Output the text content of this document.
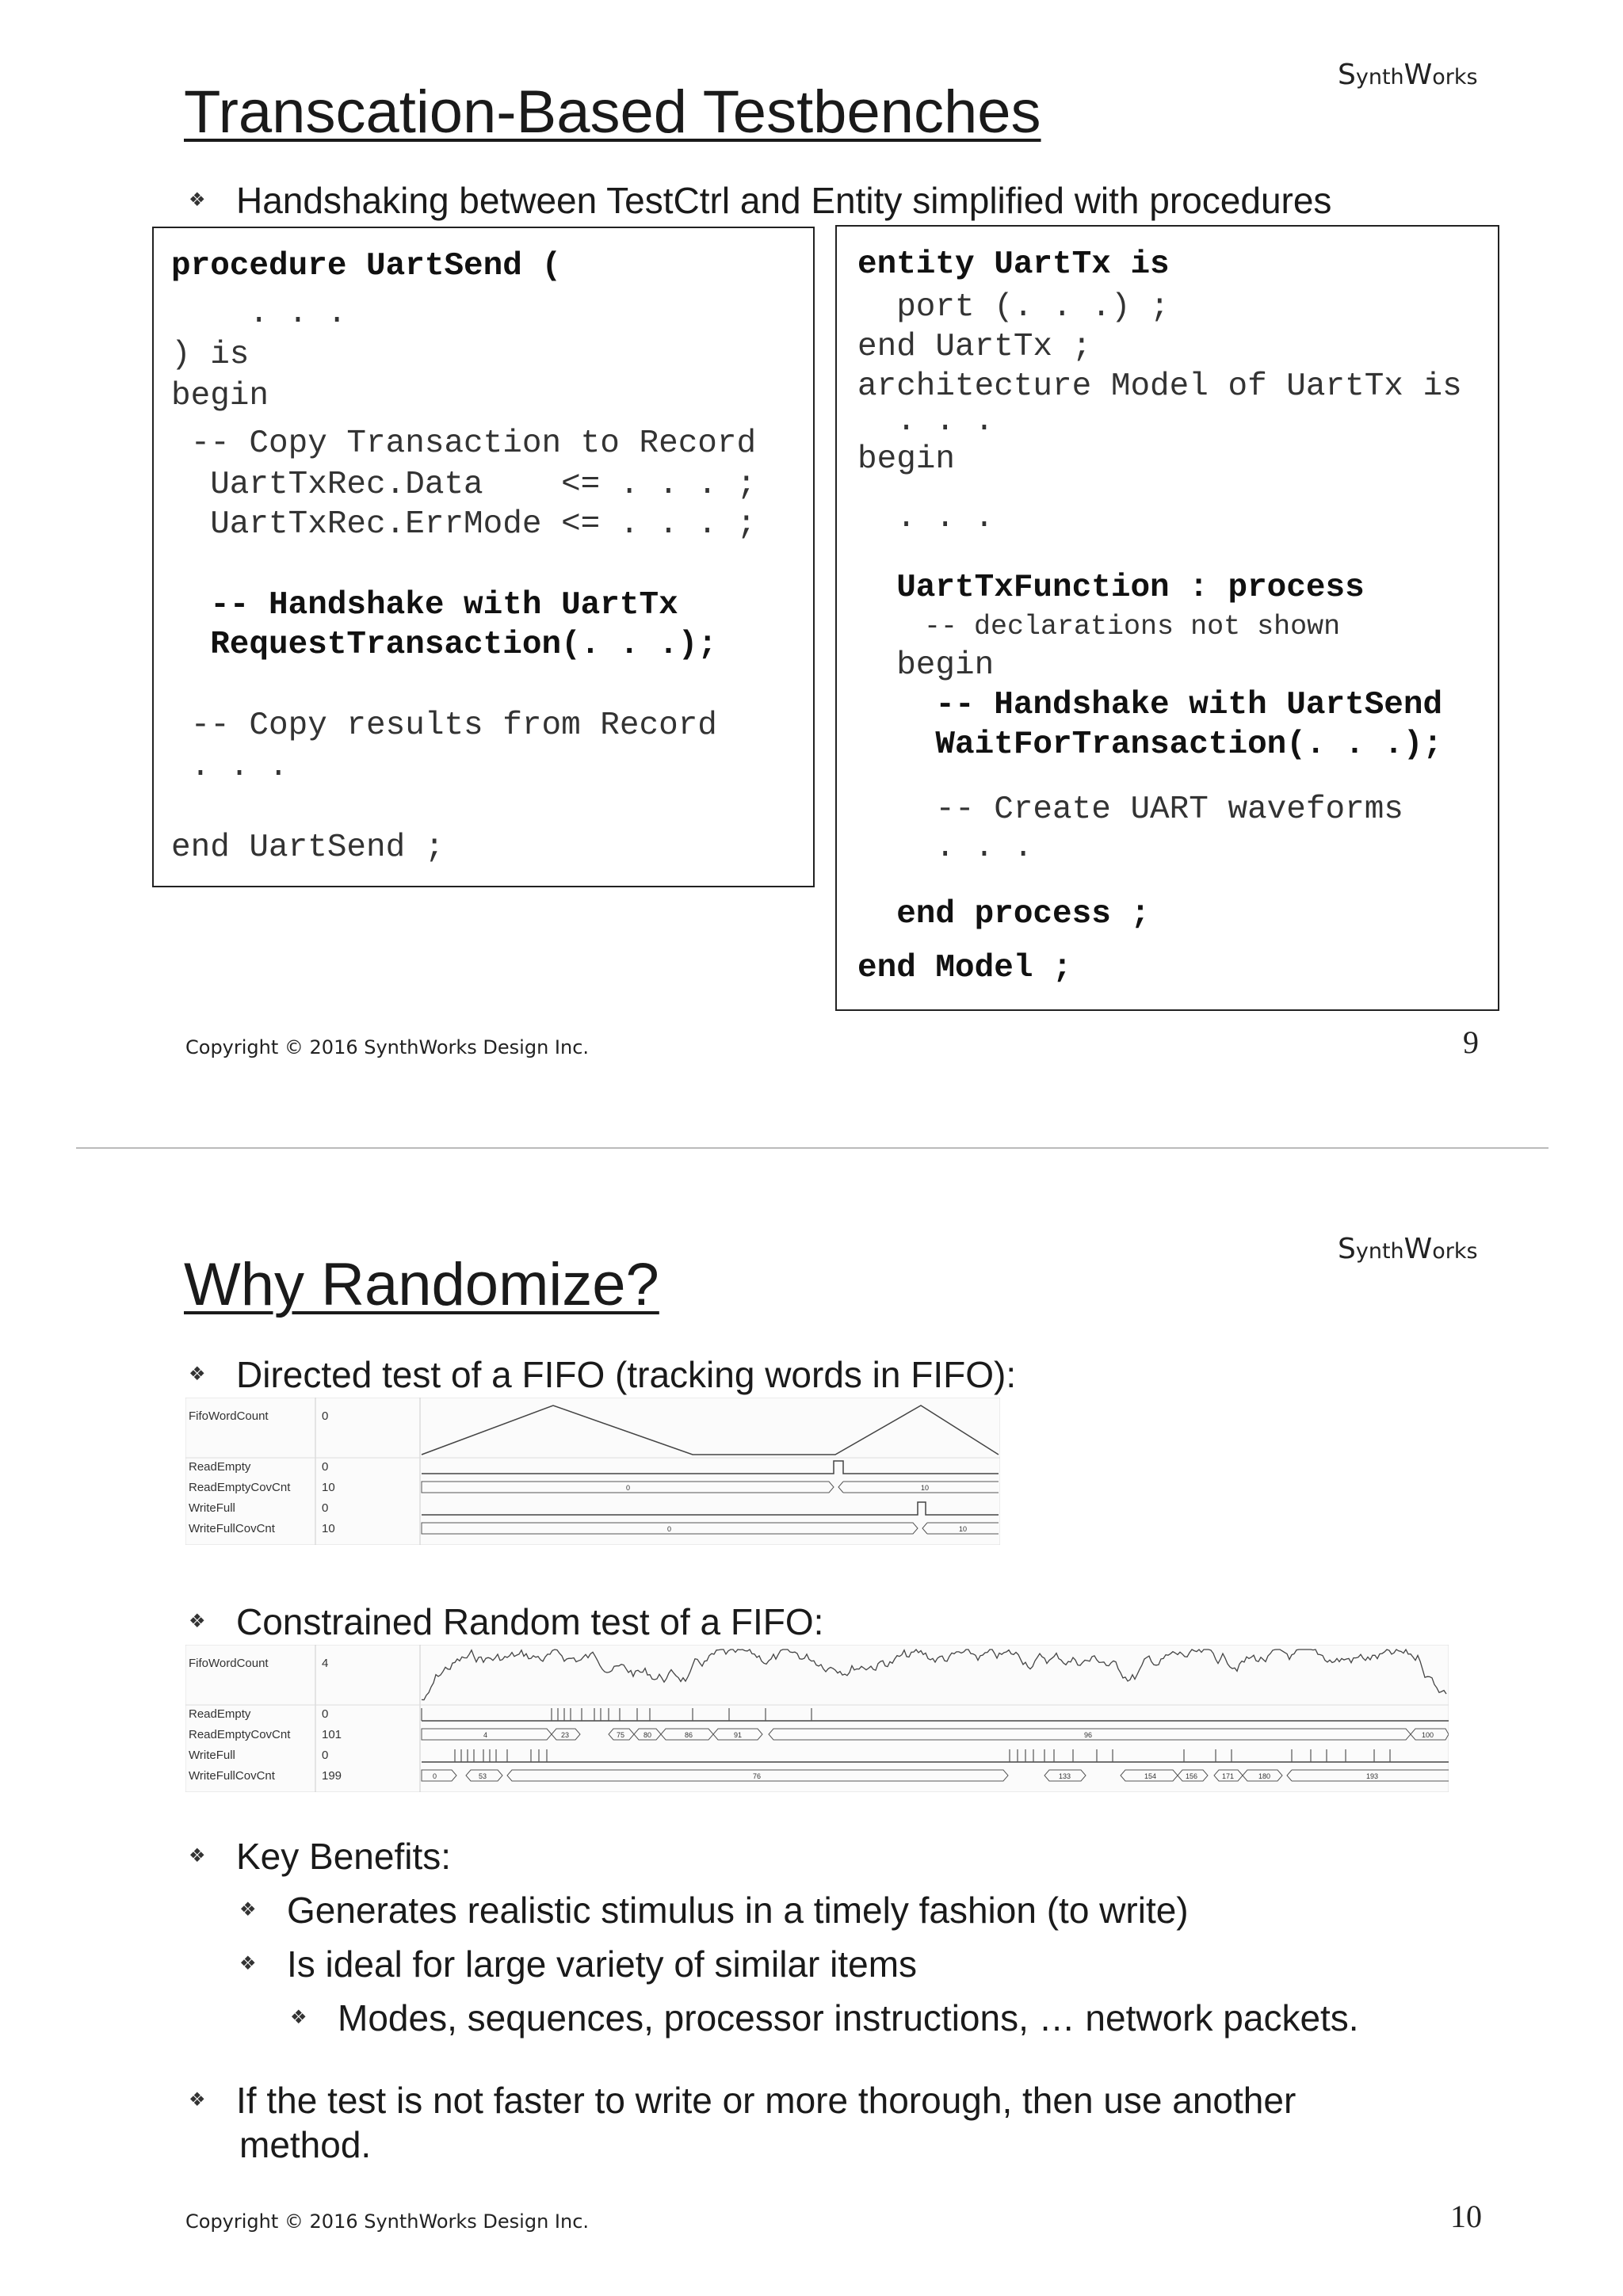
SynthWorks
Transcation-Based Testbenches
❖ Handshaking between TestCtrl and Entity simplified with procedures
procedure UartSend (
. . .
) is
begin
-- Copy Transaction to Record
UartTxRec.Data    <= . . . ;
UartTxRec.ErrMode <= . . . ;
-- Handshake with UartTx
RequestTransaction(. . .);
-- Copy results from Record
. . .
end UartSend ;
entity UartTx is
port (. . .) ;
end UartTx ;
architecture Model of UartTx is
. . .
begin
. . .
UartTxFunction : process
-- declarations not shown
begin
-- Handshake with UartSend
WaitForTransaction(. . .);
-- Create UART waveforms
. . .
end process ;
end Model ;
Copyright © 2016 SynthWorks Design Inc.	9
SynthWorks
Why Randomize?
❖ Directed test of a FIFO (tracking words in FIFO):
FifoWordCount	0
ReadEmpty	0
ReadEmptyCovCnt	10
WriteFull	0
WriteFullCovCnt	10
0	10
0	10
❖ Constrained Random test of a FIFO:
FifoWordCount	4
ReadEmpty	0
ReadEmptyCovCnt	101
WriteFull	0
WriteFullCovCnt	199
4	23	75	80	86	91	96	100
0	53	76	133	154	156	171	180	193
❖ Key Benefits:
❖ Generates realistic stimulus in a timely fashion (to write)
❖ Is ideal for large variety of similar items
❖ Modes, sequences, processor instructions, … network packets.
❖ If the test is not faster to write or more thorough, then use another
method.
Copyright © 2016 SynthWorks Design Inc.	10
